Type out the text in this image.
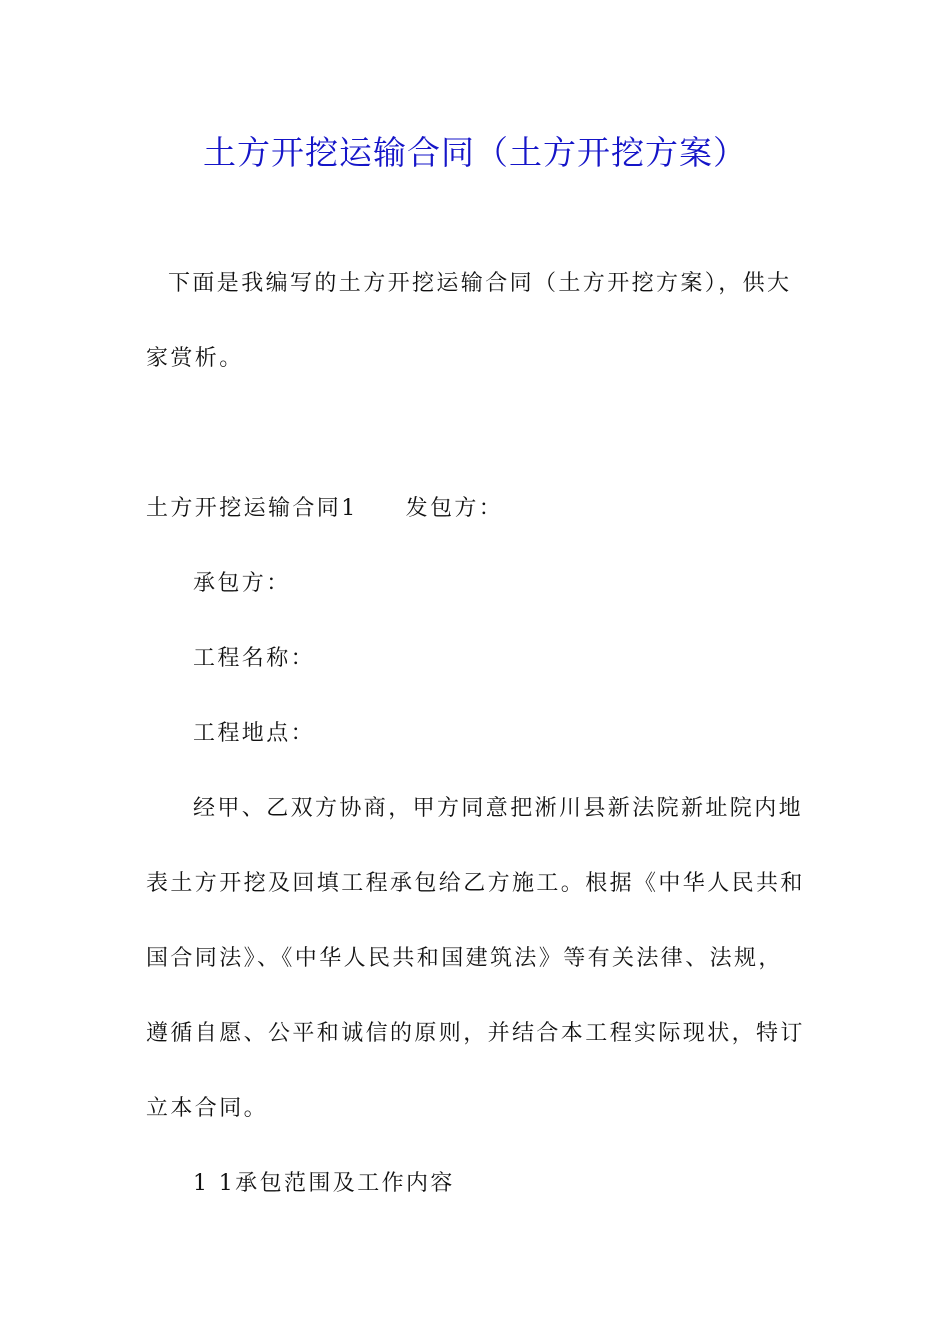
土方开挖运输合同（土方开挖方案）
下面是我编写的土方开挖运输合同（土方开挖方案），供大
家赏析。
土方开挖运输合同1 发包方：
承包方：
工程名称：
工程地点：
经甲、乙双方协商，甲方同意把淅川县新法院新址院内地
表土方开挖及回填工程承包给乙方施工。根据《中华人民共和
国合同法》、《中华人民共和国建筑法》等有关法律、法规，
遵循自愿、公平和诚信的原则，并结合本工程实际现状，特订
立本合同。
1 1承包范围及工作内容
